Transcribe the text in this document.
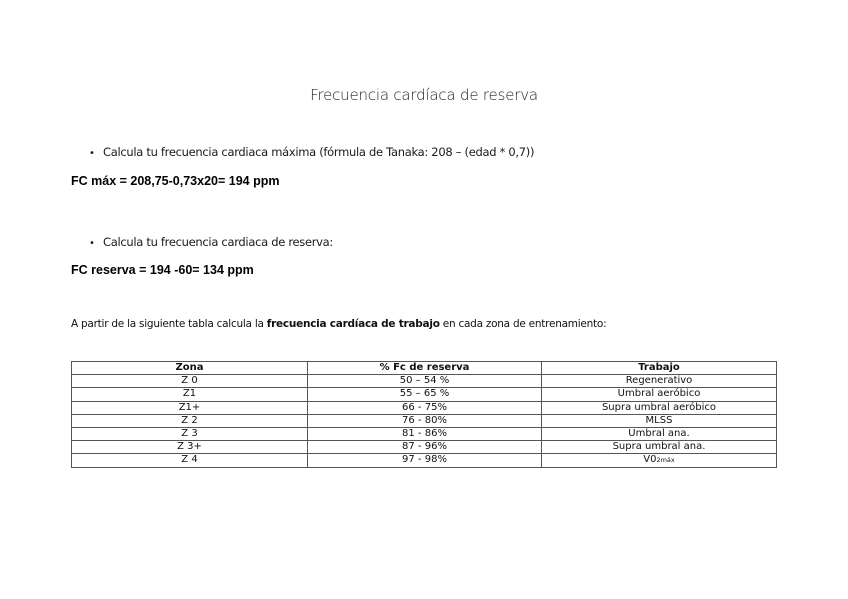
Frecuencia cardíaca de reserva
• Calcula tu frecuencia cardiaca máxima (fórmula de Tanaka: 208 – (edad * 0,7))
FC máx = 208,75-0,73x20= 194 ppm
• Calcula tu frecuencia cardiaca de reserva:
FC reserva = 194 -60= 134 ppm
A partir de la siguiente tabla calcula la frecuencia cardíaca de trabajo en cada zona de entrenamiento:
Zona	% Fc de reserva	Trabajo
Z 0	50 – 54 %	Regenerativo
Z1	55 – 65 %	Umbral aeróbico
Z1+	66 - 75%	Supra umbral aeróbico
Z 2	76 - 80%	MLSS
Z 3	81 - 86%	Umbral ana.
Z 3+	87 - 96%	Supra umbral ana.
Z 4	97 - 98%	V02máx
